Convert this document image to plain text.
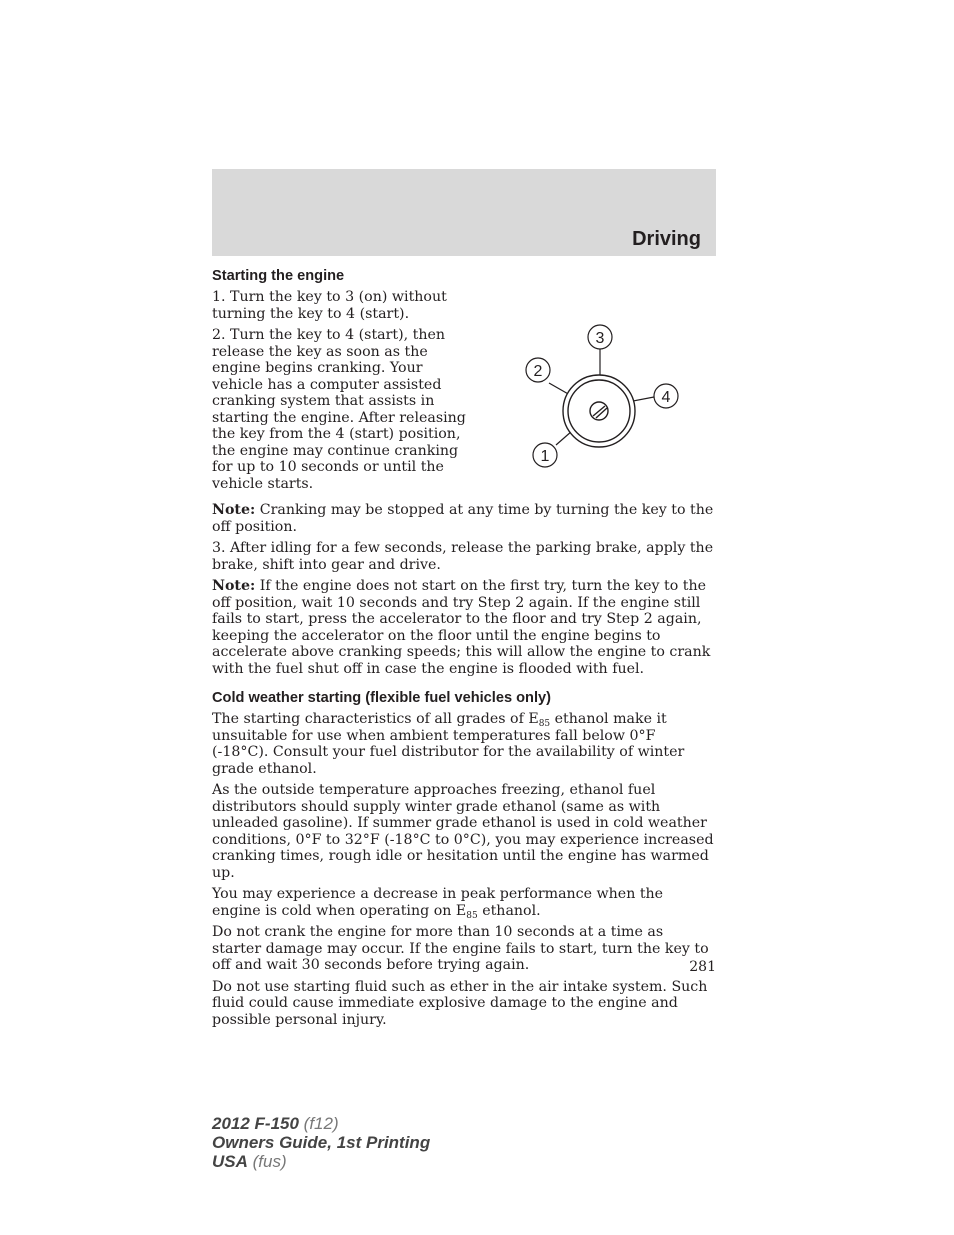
Driving
Starting the engine

1. Turn the key to 3 (on) without turning the key to 4 (start).

2. Turn the key to 4 (start), then release the key as soon as the engine begins cranking. Your vehicle has a computer assisted cranking system that assists in starting the engine. After releasing the key from the 4 (start) position, the engine may continue cranking for up to 10 seconds or until the vehicle starts.

3
2
4
1

Note: Cranking may be stopped at any time by turning the key to the off position.

3. After idling for a few seconds, release the parking brake, apply the brake, shift into gear and drive.

Note: If the engine does not start on the first try, turn the key to the off position, wait 10 seconds and try Step 2 again. If the engine still fails to start, press the accelerator to the floor and try Step 2 again, keeping the accelerator on the floor until the engine begins to accelerate above cranking speeds; this will allow the engine to crank with the fuel shut off in case the engine is flooded with fuel.

Cold weather starting (flexible fuel vehicles only)

The starting characteristics of all grades of $E_{85}$ ethanol make it unsuitable for use when ambient temperatures fall below 0°F (-18°C). Consult your fuel distributor for the availability of winter grade ethanol.

As the outside temperature approaches freezing, ethanol fuel distributors should supply winter grade ethanol (same as with unleaded gasoline). If summer grade ethanol is used in cold weather conditions, 0°F to 32°F (-18°C to 0°C), you may experience increased cranking times, rough idle or hesitation until the engine has warmed up.

You may experience a decrease in peak performance when the engine is cold when operating on $E_{85}$ ethanol.

Do not crank the engine for more than 10 seconds at a time as starter damage may occur. If the engine fails to start, turn the key to off and wait 30 seconds before trying again.

Do not use starting fluid such as ether in the air intake system. Such fluid could cause immediate explosive damage to the engine and possible personal injury.

281
2012 F-150 (f12)
Owners Guide, 1st Printing
USA (fus)
